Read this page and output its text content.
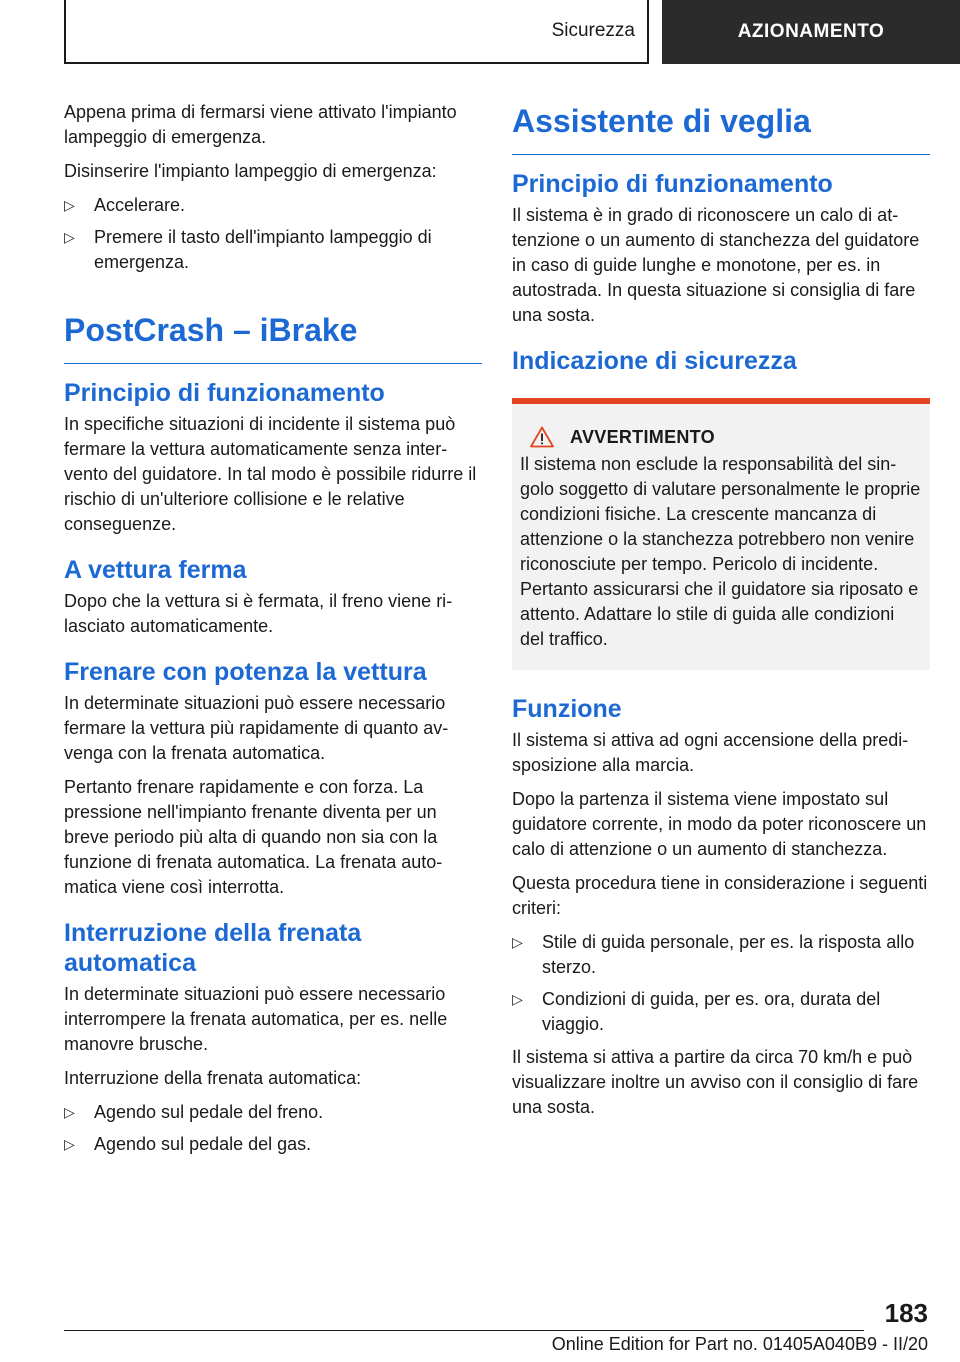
Sicurezza	AZIONAMENTO

Appena prima di fermarsi viene attivato l'impianto lampeggio di emergenza.

Disinserire l'impianto lampeggio di emergenza:

▷ Accelerare.
▷ Premere il tasto dell'impianto lampeggio di emergenza.
PostCrash – iBrake
Principio di funzionamento

In specifiche situazioni di incidente il sistema può fermare la vettura automaticamente senza intervento del guidatore. In tal modo è possibile ridurre il rischio di un'ulteriore collisione e le relative conseguenze.

A vettura ferma

Dopo che la vettura si è fermata, il freno viene rilasciato automaticamente.

Frenare con potenza la vettura

In determinate situazioni può essere necessario fermare la vettura più rapidamente di quanto avvenga con la frenata automatica.

Pertanto frenare rapidamente e con forza. La pressione nell'impianto frenante diventa per un breve periodo più alta di quando non sia con la funzione di frenata automatica. La frenata automatica viene così interrotta.

Interruzione della frenata automatica

In determinate situazioni può essere necessario interrompere la frenata automatica, per es. nelle manovre brusche.

Interruzione della frenata automatica:

▷ Agendo sul pedale del freno.
▷ Agendo sul pedale del gas.
Assistente di veglia
Principio di funzionamento

Il sistema è in grado di riconoscere un calo di attenzione o un aumento di stanchezza del guidatore in caso di guide lunghe e monotone, per es. in autostrada. In questa situazione si consiglia di fare una sosta.

Indicazione di sicurezza
AVVERTIMENTO

Il sistema non esclude la responsabilità del singolo soggetto di valutare personalmente le proprie condizioni fisiche. La crescente mancanza di attenzione o la stanchezza potrebbero non venire riconosciute per tempo. Pericolo di incidente. Pertanto assicurarsi che il guidatore sia riposato e attento. Adattare lo stile di guida alle condizioni del traffico.

Funzione

Il sistema si attiva ad ogni accensione della predisposizione alla marcia.

Dopo la partenza il sistema viene impostato sul guidatore corrente, in modo da poter riconoscere un calo di attenzione o un aumento di stanchezza.

Questa procedura tiene in considerazione i seguenti criteri:

▷ Stile di guida personale, per es. la risposta allo sterzo.
▷ Condizioni di guida, per es. ora, durata del viaggio.

Il sistema si attiva a partire da circa 70 km/h e può visualizzare inoltre un avviso con il consiglio di fare una sosta.

183
Online Edition for Part no. 01405A040B9 - II/20
